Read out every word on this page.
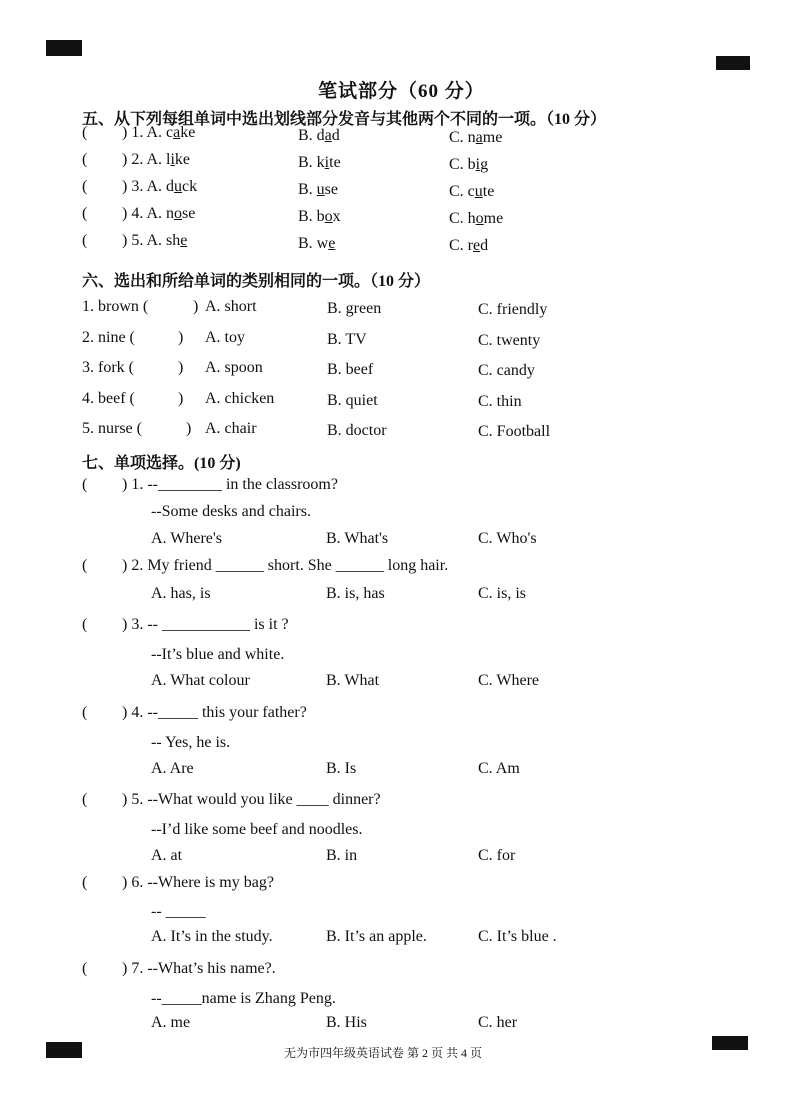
笔试部分（60 分）
五、从下列每组单词中选出划线部分发音与其他两个不同的一项。（10 分）
( ) 1. A. cake	B. dad	C. name
( ) 2. A. like	B. kite	C. big
( ) 3. A. duck	B. use	C. cute
( ) 4. A. nose	B. box	C. home
( ) 5. A. she	B. we	C. red
六、选出和所给单词的类别相同的一项。（10 分）
1. brown (	) A. short	B. green	C. friendly
2. nine (	) A. toy	B. TV	C. twenty
3. fork (	) A. spoon	B. beef	C. candy
4. beef (	) A. chicken	B. quiet	C. thin
5. nurse (	) A. chair	B. doctor	C. Football
七、单项选择。(10 分)
( ) 1. --________ in the classroom?
--Some desks and chairs.
A. Where's	B. What's	C. Who's
( ) 2. My friend ______ short. She ______ long hair.
A. has, is	B. is, has	C. is, is
( ) 3. -- ___________ is it ?
--It’s blue and white.
A. What colour	B. What	C. Where
( ) 4. --_____ this your father?
-- Yes, he is.
A. Are	B. Is	C. Am
( ) 5. --What would you like ____ dinner?
--I’d like some beef and noodles.
A. at	B. in	C. for
( ) 6. --Where is my bag?
-- _____
A. It’s in the study.	B. It’s an apple.	C. It’s blue .
( ) 7. --What’s his name?.
--_____name is Zhang Peng.
A. me	B. His	C. her
无为市四年级英语试卷 第 2 页 共 4 页
